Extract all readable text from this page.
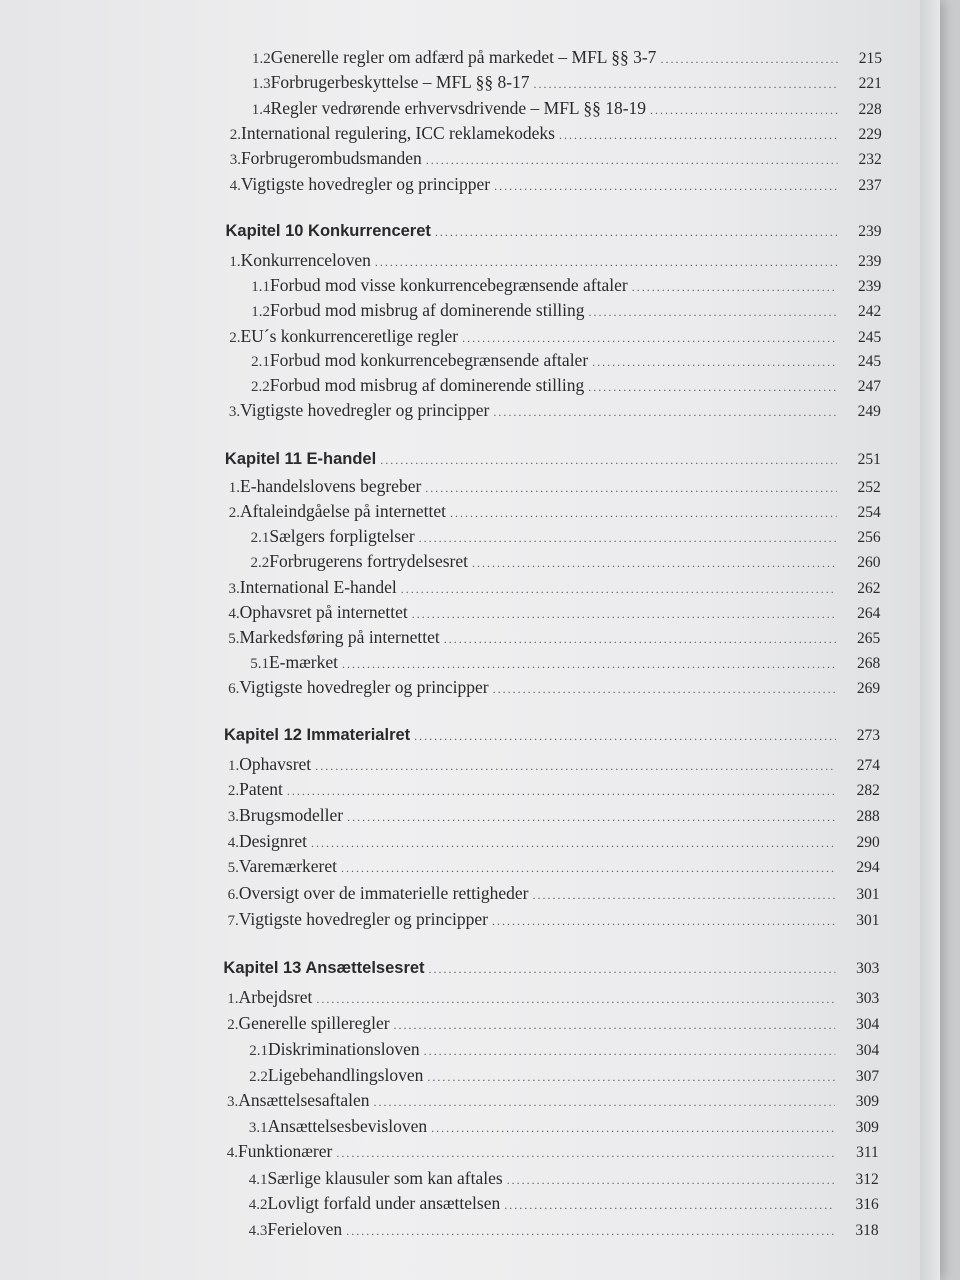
1.2 Generelle regler om adfærd på markedet – MFL §§ 3-7 .....	215
1.3 Forbrugerbeskyttelse – MFL §§ 8-17 .....	221
1.4 Regler vedrørende erhvervsdrivende – MFL §§ 18-19 .....	228
2. International regulering, ICC reklamekodeks .....	229
3. Forbrugerombudsmanden .....	232
4. Vigtigste hovedregler og principper .....	237
Kapitel 10 Konkurrenceret .....	239
1. Konkurrenceloven .....	239
1.1 Forbud mod visse konkurrencebegrænsende aftaler .....	239
1.2 Forbud mod misbrug af dominerende stilling .....	242
2. EU´s konkurrenceretlige regler .....	245
2.1 Forbud mod konkurrencebegrænsende aftaler .....	245
2.2 Forbud mod misbrug af dominerende stilling .....	247
3. Vigtigste hovedregler og principper .....	249
Kapitel 11 E-handel .....	251
1. E-handelslovens begreber .....	252
2. Aftaleindgåelse på internettet .....	254
2.1 Sælgers forpligtelser .....	256
2.2 Forbrugerens fortrydelsesret .....	260
3. International E-handel .....	262
4. Ophavsret på internettet .....	264
5. Markedsføring på internettet .....	265
5.1 E-mærket .....	268
6. Vigtigste hovedregler og principper .....	269
Kapitel 12 Immaterialret .....	273
1. Ophavsret .....	274
2. Patent .....	282
3. Brugsmodeller .....	288
4. Designret .....	290
5. Varemærkeret .....	294
6. Oversigt over de immaterielle rettigheder .....	301
7. Vigtigste hovedregler og principper .....	301
Kapitel 13 Ansættelsesret .....	303
1. Arbejdsret .....	303
2. Generelle spilleregler .....	304
2.1 Diskriminationsloven .....	304
2.2 Ligebehandlingsloven .....	307
3. Ansættelsesaftalen .....	309
3.1 Ansættelsesbevisloven .....	309
4. Funktionærer .....	311
4.1 Særlige klausuler som kan aftales .....	312
4.2 Lovligt forfald under ansættelsen .....	316
4.3 Ferieloven .....	318
